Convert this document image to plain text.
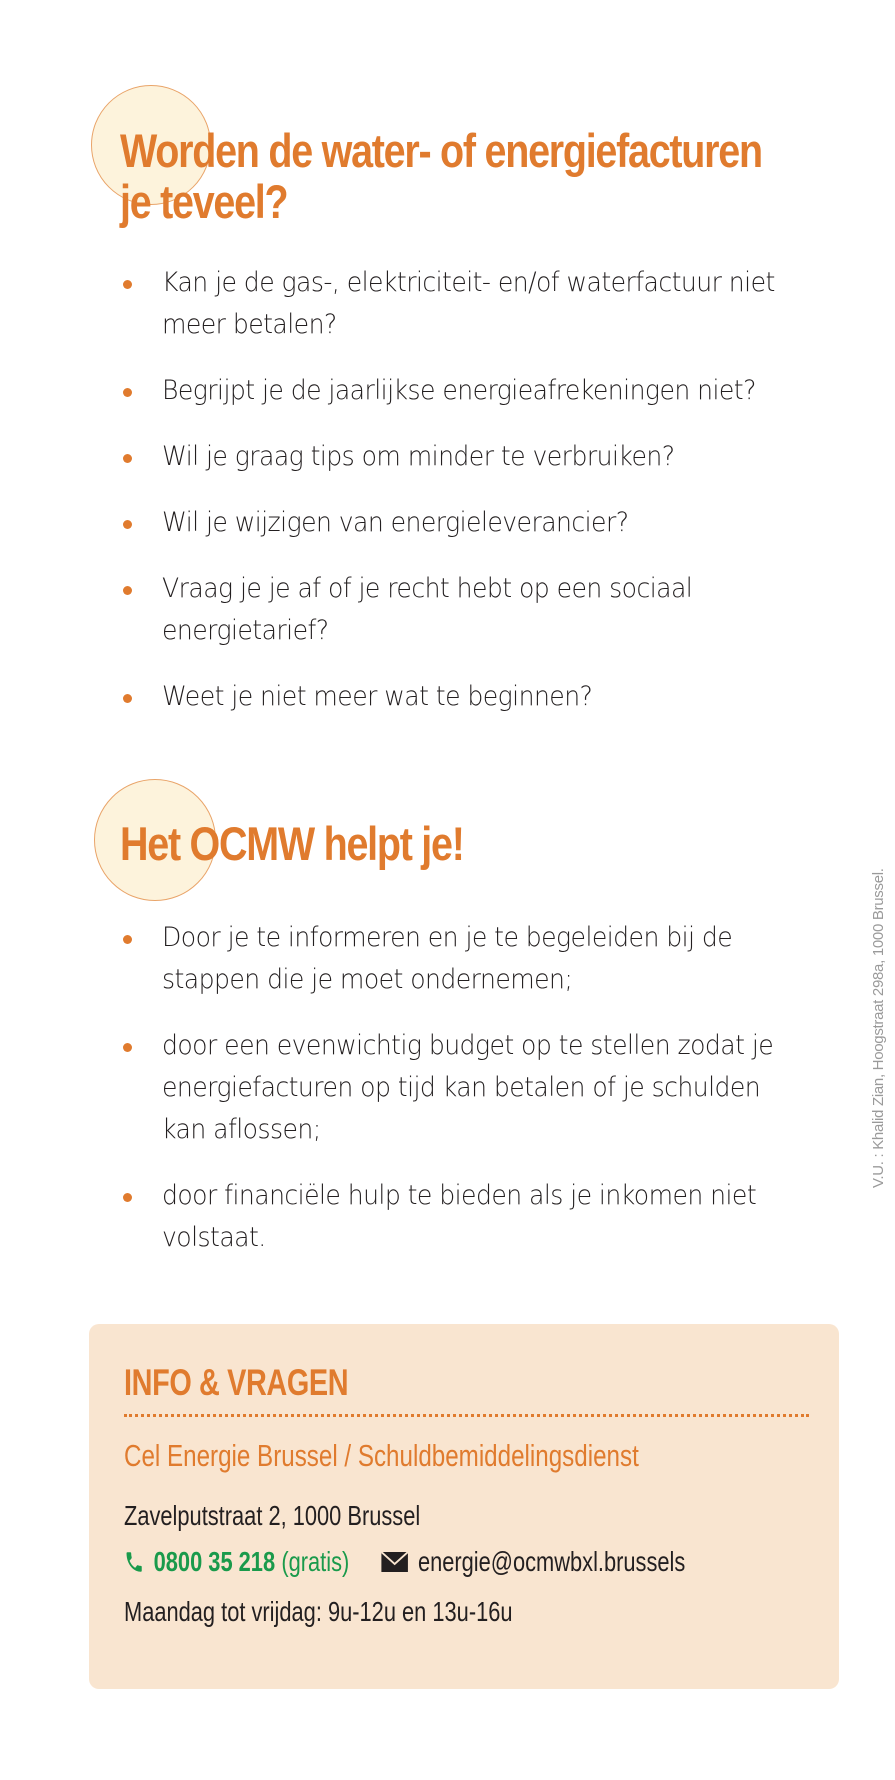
Worden de water- of energiefacturen
je teveel?
Kan je de gas-, elektriciteit- en/of waterfactuur niet meer betalen?
Begrijpt je de jaarlijkse energieafrekeningen niet?
Wil je graag tips om minder te verbruiken?
Wil je wijzigen van energieleverancier?
Vraag je je af of je recht hebt op een sociaal energietarief?
Weet je niet meer wat te beginnen?
Het OCMW helpt je!
Door je te informeren en je te begeleiden bij de stappen die je moet ondernemen;
door een evenwichtig budget op te stellen zodat je energiefacturen op tijd kan betalen of je schulden kan aflossen;
door financiële hulp te bieden als je inkomen niet volstaat.
INFO & VRAGEN
Cel Energie Brussel / Schuldbemiddelingsdienst
Zavelputstraat 2, 1000 Brussel
0800 35 218 (gratis) energie@ocmwbxl.brussels
Maandag tot vrijdag: 9u-12u en 13u-16u
V.U. : Khalid Zian, Hoogstraat 298a, 1000 Brussel.
